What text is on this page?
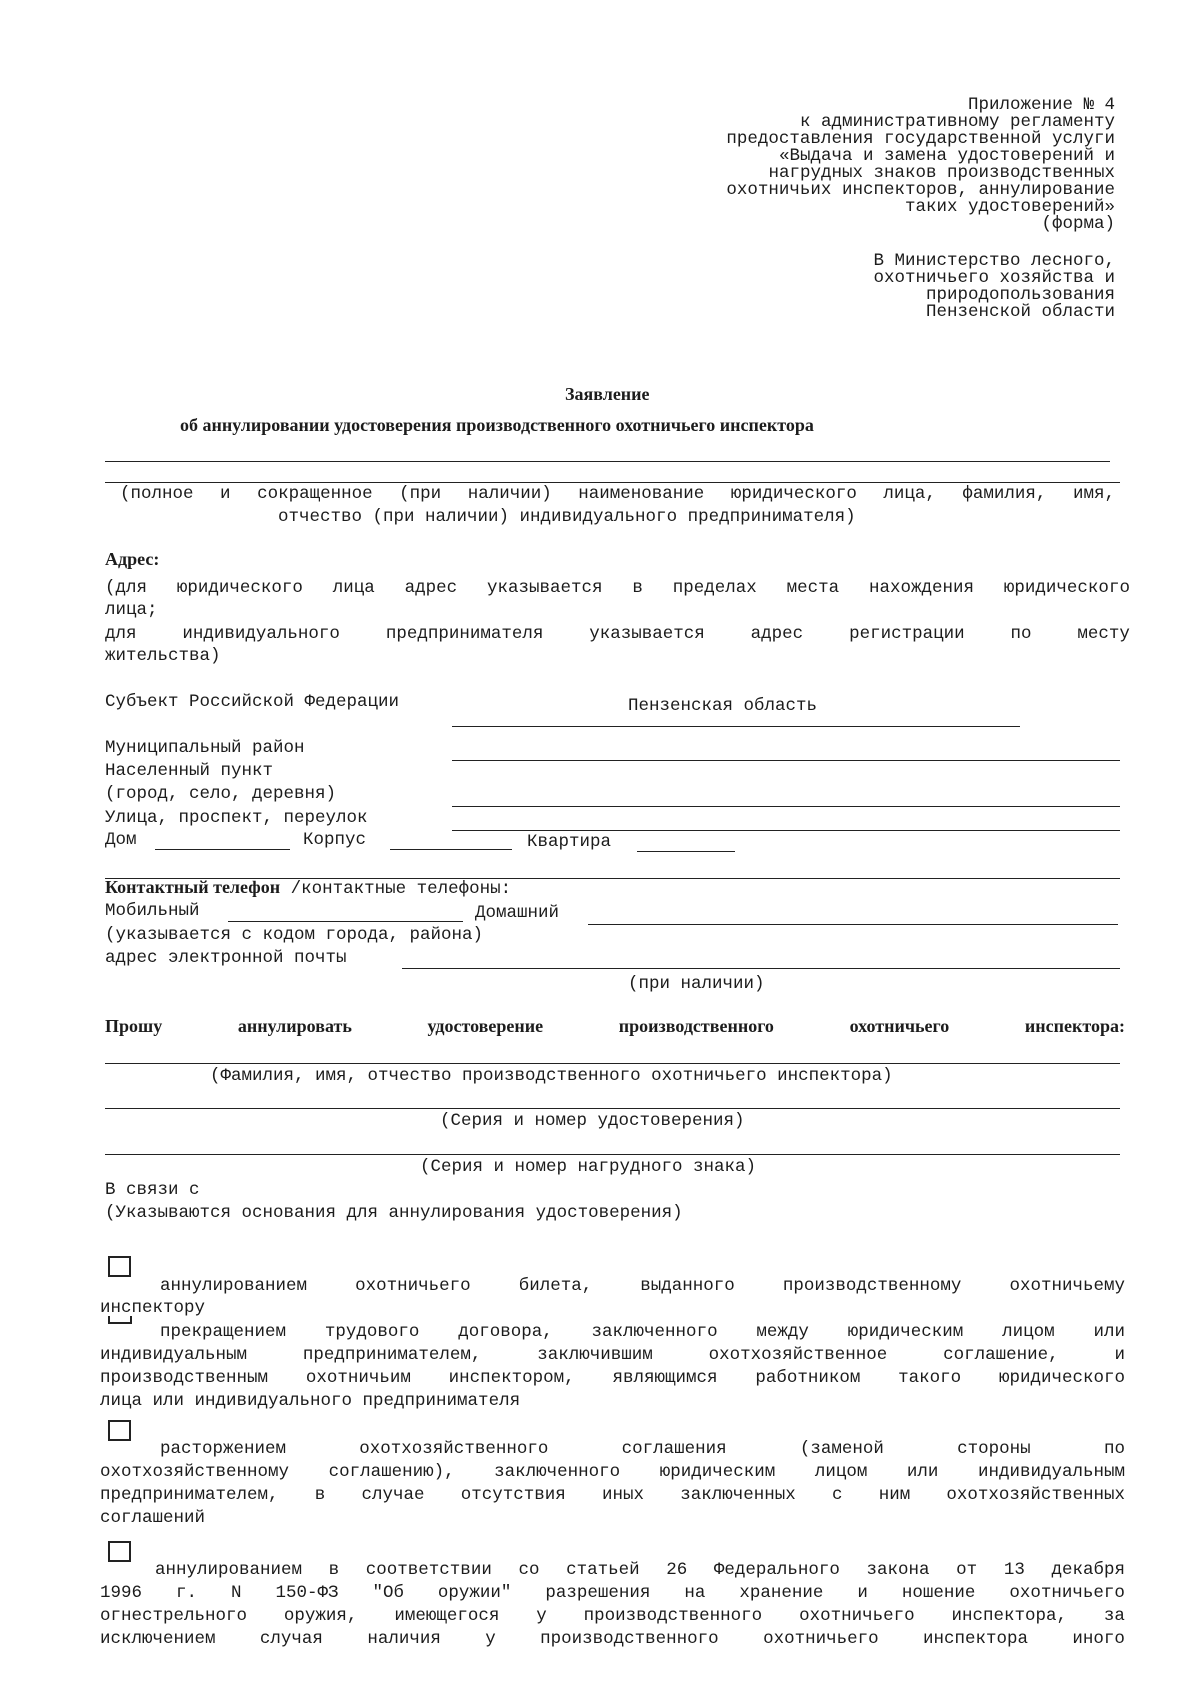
Приложение № 4
к административному регламенту
предоставления государственной услуги
«Выдача и замена удостоверений и
нагрудных знаков производственных
охотничьих инспекторов, аннулирование
таких удостоверений»
(форма)
В Министерство лесного,
охотничьего хозяйства и
природопользования
Пензенской области
Заявление
об аннулировании удостоверения производственного охотничьего инспектора
(полное и сокращенное (при наличии) наименование юридического лица, фамилия, имя,
отчество (при наличии) индивидуального предпринимателя)
Адрес:
(для юридического лица адрес указывается в пределах места нахождения юридического
лица;
для	индивидуального	предпринимателя	указывается	адрес	регистрации	по	месту
жительства)
Субъект Российской Федерации	Пензенская область
Муниципальный район
Населенный пункт
(город, село, деревня)
Улица, проспект, переулок
Дом	Корпус	Квартира
Контактный телефон /контактные телефоны:
Мобильный	Домашний
(указывается с кодом города, района)
адрес электронной почты
(при наличии)
Прошу	аннулировать	удостоверение	производственного	охотничьего	инспектора:
(Фамилия, имя, отчество производственного охотничьего инспектора)
(Серия и номер удостоверения)
(Серия и номер нагрудного знака)
В связи с
(Указываются основания для аннулирования удостоверения)
аннулированием	охотничьего	билета,	выданного	производственному	охотничьему
инспектору
прекращением трудового договора, заключенного между юридическим лицом или
индивидуальным	предпринимателем,	заключившим	охотхозяйственное	соглашение,	и
производственным охотничьим инспектором, являющимся работником такого юридического
лица или индивидуального предпринимателя
расторжением	охотхозяйственного	соглашения	(заменой	стороны	по
охотхозяйственному соглашению), заключенного юридическим лицом или индивидуальным
предпринимателем, в случае отсутствия иных заключенных с ним охотхозяйственных
соглашений
аннулированием в соответствии со статьей 26 Федерального закона от 13 декабря
1996 г. N 150-ФЗ "Об оружии" разрешения на хранение и ношение охотничьего
огнестрельного оружия, имеющегося у производственного охотничьего инспектора, за
исключением	случая	наличия	у	производственного	охотничьего	инспектора	иного
